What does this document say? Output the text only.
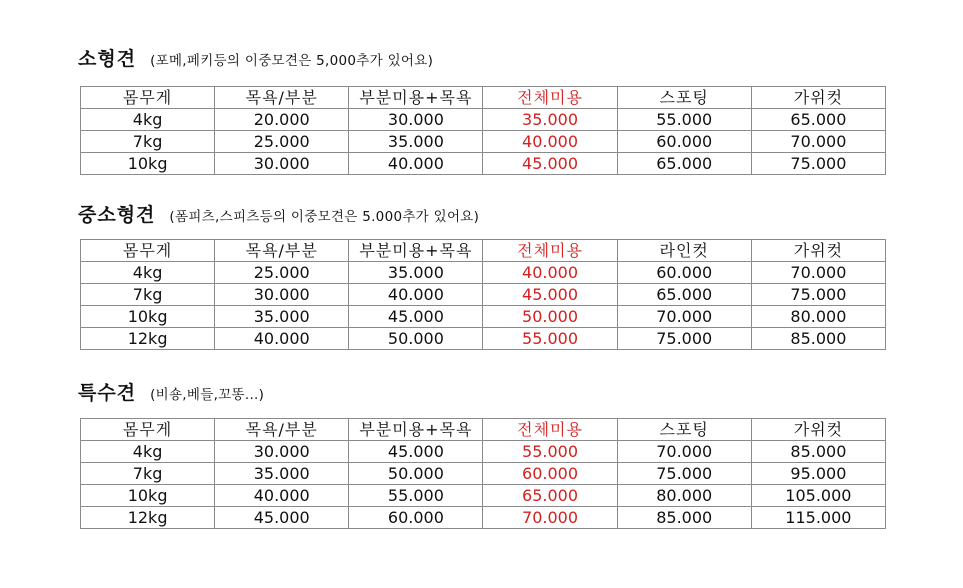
소형견 (포메,페키등의 이중모견은 5,000추가 있어요)
몸무게	목욕/부분	부분미용+목욕	전체미용	스포팅	가위컷
4kg	20.000	30.000	35.000	55.000	65.000
7kg	25.000	35.000	40.000	60.000	70.000
10kg	30.000	40.000	45.000	65.000	75.000
중소형견 (폼피츠,스피츠등의 이중모견은 5.000추가 있어요)
몸무게	목욕/부분	부분미용+목욕	전체미용	라인컷	가위컷
4kg	25.000	35.000	40.000	60.000	70.000
7kg	30.000	40.000	45.000	65.000	75.000
10kg	35.000	45.000	50.000	70.000	80.000
12kg	40.000	50.000	55.000	75.000	85.000
특수견 (비숑,베들,꼬똥...)
몸무게	목욕/부분	부분미용+목욕	전체미용	스포팅	가위컷
4kg	30.000	45.000	55.000	70.000	85.000
7kg	35.000	50.000	60.000	75.000	95.000
10kg	40.000	55.000	65.000	80.000	105.000
12kg	45.000	60.000	70.000	85.000	115.000
